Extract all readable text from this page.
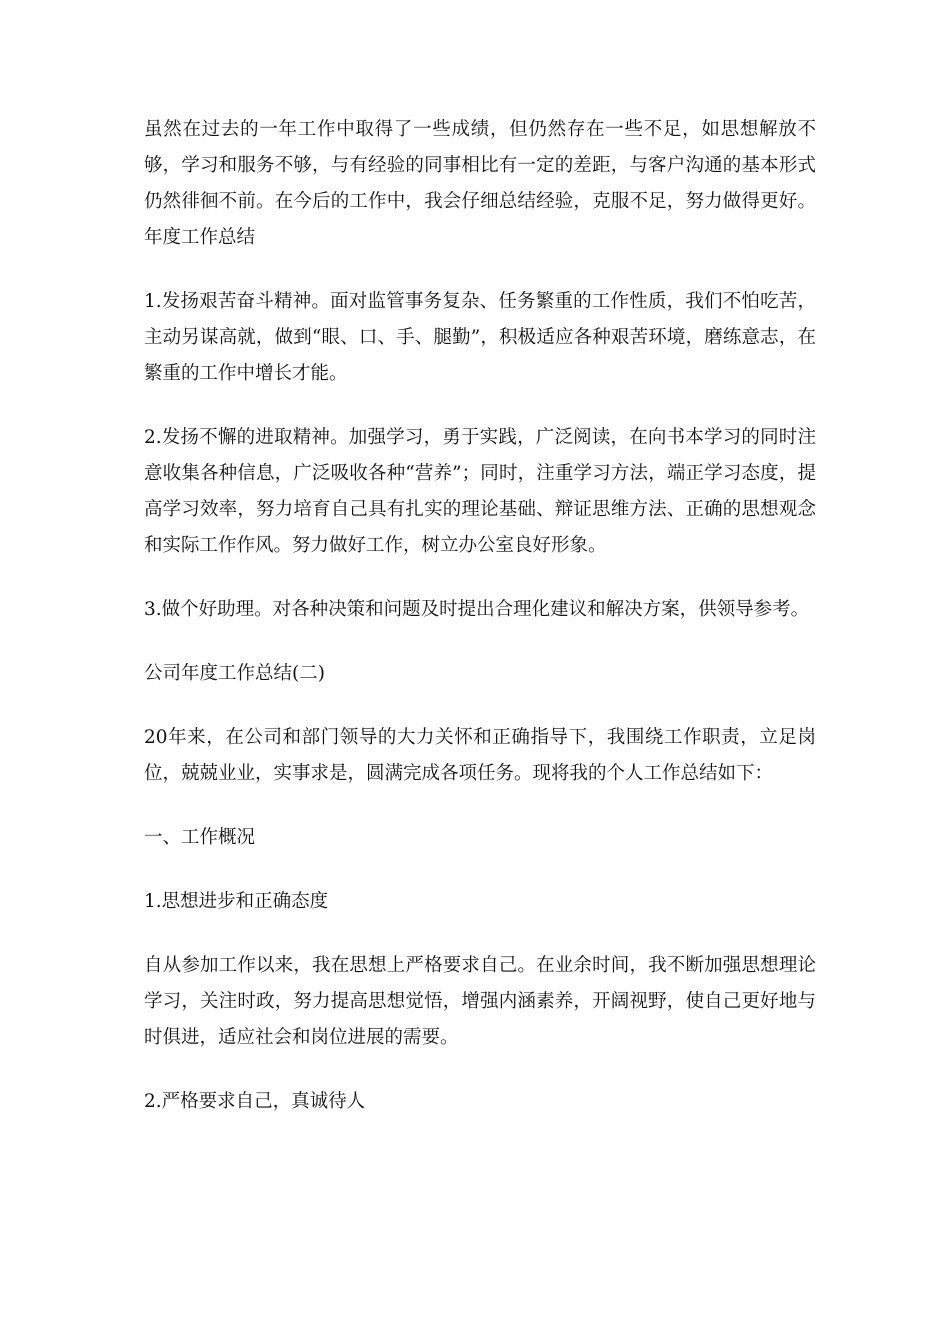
虽然在过去的一年工作中取得了一些成绩，但仍然存在一些不足，如思想解放不够，学习和服务不够，与有经验的同事相比有一定的差距，与客户沟通的基本形式仍然徘徊不前。在今后的工作中，我会仔细总结经验，克服不足，努力做得更好。年度工作总结

1.发扬艰苦奋斗精神。面对监管事务复杂、任务繁重的工作性质，我们不怕吃苦，主动另谋高就，做到“眼、口、手、腿勤”，积极适应各种艰苦环境，磨练意志，在繁重的工作中增长才能。

2.发扬不懈的进取精神。加强学习，勇于实践，广泛阅读，在向书本学习的同时注意收集各种信息，广泛吸收各种“营养”；同时，注重学习方法，端正学习态度，提高学习效率，努力培育自己具有扎实的理论基础、辩证思维方法、正确的思想观念和实际工作作风。努力做好工作，树立办公室良好形象。

3.做个好助理。对各种决策和问题及时提出合理化建议和解决方案，供领导参考。

公司年度工作总结(二)

20年来，在公司和部门领导的大力关怀和正确指导下，我围绕工作职责，立足岗位，兢兢业业，实事求是，圆满完成各项任务。现将我的个人工作总结如下：

一、工作概况

1.思想进步和正确态度

自从参加工作以来，我在思想上严格要求自己。在业余时间，我不断加强思想理论学习，关注时政，努力提高思想觉悟，增强内涵素养，开阔视野，使自己更好地与时俱进，适应社会和岗位进展的需要。

2.严格要求自己，真诚待人
